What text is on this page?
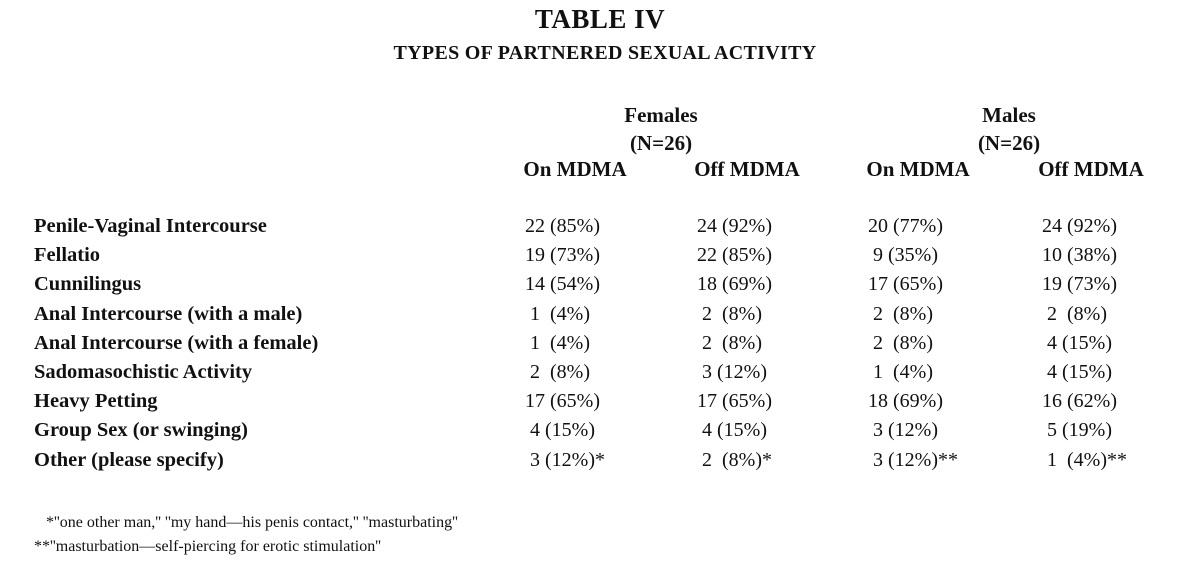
TABLE IV
TYPES OF PARTNERED SEXUAL ACTIVITY
Females
(N=26)
Males
(N=26)
On MDMA	Off MDMA	On MDMA	Off MDMA
Penile-Vaginal Intercourse	22 (85%)	24 (92%)	20 (77%)	24 (92%)
Fellatio	19 (73%)	22 (85%)	9 (35%)	10 (38%)
Cunnilingus	14 (54%)	18 (69%)	17 (65%)	19 (73%)
Anal Intercourse (with a male)	1  (4%)	2  (8%)	2  (8%)	2  (8%)
Anal Intercourse (with a female)	1  (4%)	2  (8%)	2  (8%)	4 (15%)
Sadomasochistic Activity	2  (8%)	3 (12%)	1  (4%)	4 (15%)
Heavy Petting	17 (65%)	17 (65%)	18 (69%)	16 (62%)
Group Sex (or swinging)	4 (15%)	4 (15%)	3 (12%)	5 (19%)
Other (please specify)	3 (12%)*	2  (8%)*	3 (12%)**	1  (4%)**
*''one other man,'' ''my hand—his penis contact,'' ''masturbating''
**''masturbation—self-piercing for erotic stimulation''
